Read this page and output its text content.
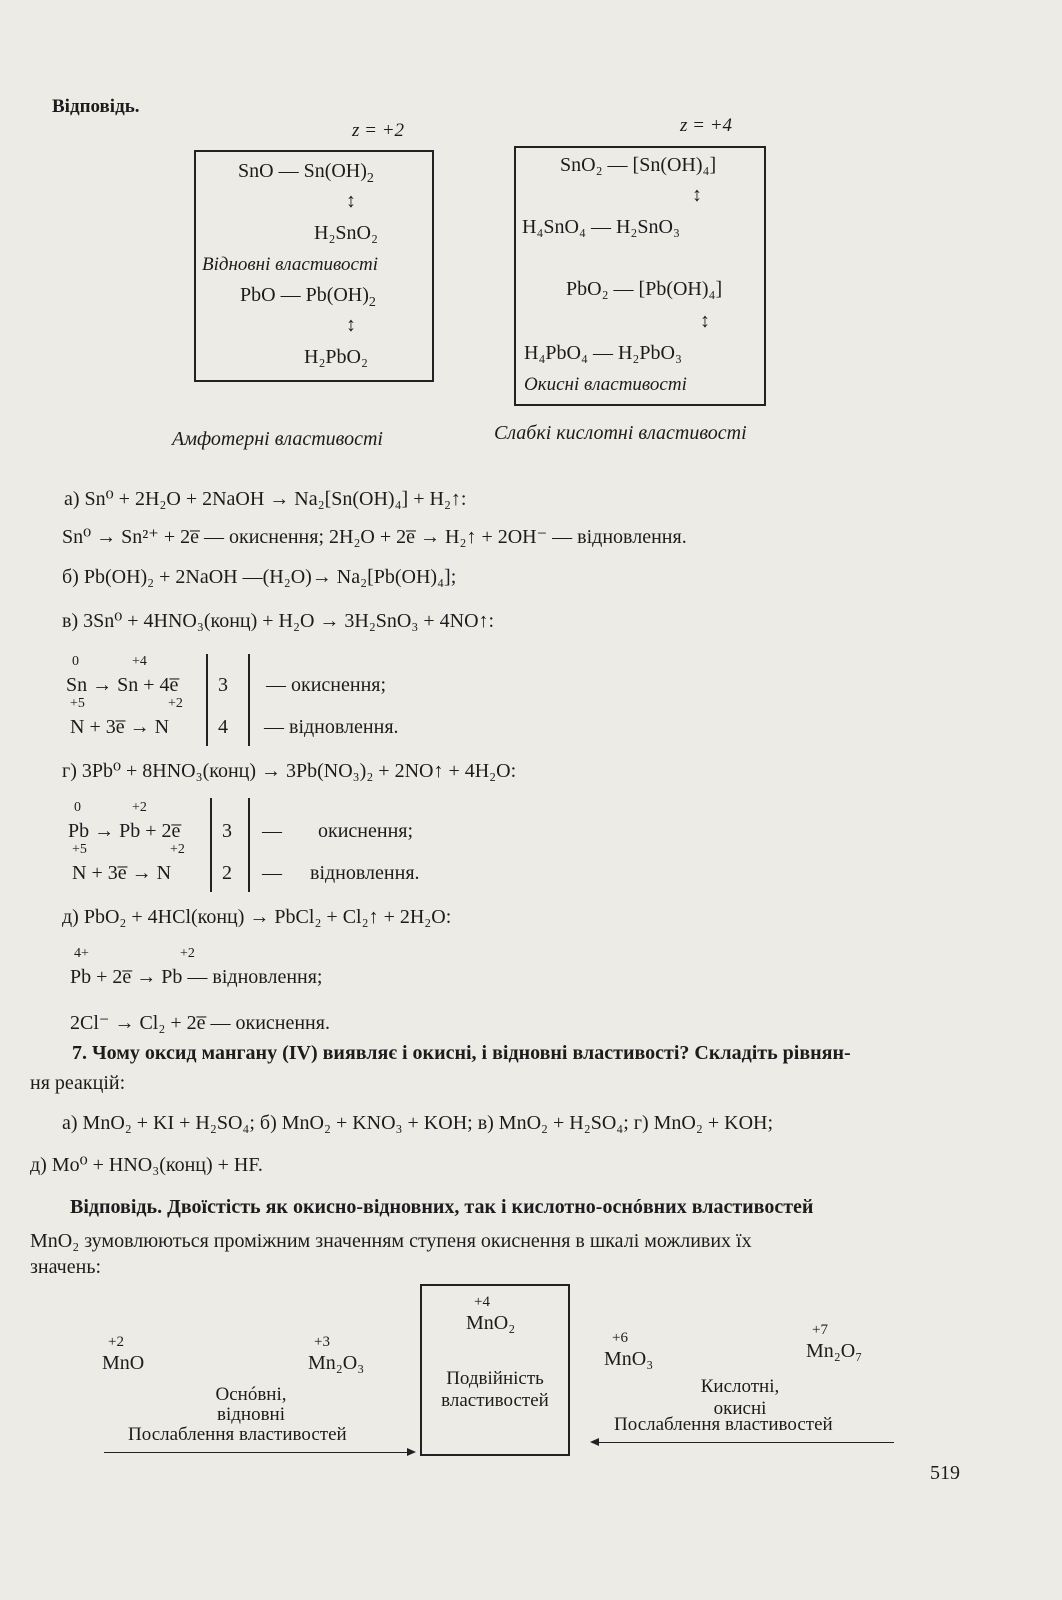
Відповідь.
z = +2
SnO — $Sn(OH)_2$
↕
H₂SnO₂
Відновні властивості
PbO — $Pb(OH)_2$
↕
H₂PbO₂
Амфотерні властивості
z = +4
SnO₂ — [Sn(OH)₄]
↕
H₄SnO₄ — H₂SnO₃
PbO₂ — [Pb(OH)₄]
↕
H₄PbO₄ — H₂PbO₃
Окисні властивості
Слабкі кислотні властивості
а) Sn⁰ + 2H₂O + 2NaOH → Na₂[Sn(OH)₄] + H₂↑:
Sn⁰ → Sn²⁺ + 2e̅ — окиснення; 2H₂O + 2e̅ → H₂↑ + 2OH⁻ — відновлення.
б) Pb(OH)₂ + 2NaOH —(H₂O)→ Na₂[Pb(OH)₄];
в) 3Sn⁰ + 4HNO₃(конц) + H₂O → 3H₂SnO₃ + 4NO↑:
0	+4
Sn → Sn + 4e̅ 3 — окиснення;
+5	+2
N + 3e̅ → N 4 — відновлення.
г) 3Pb⁰ + 8HNO₃(конц) → 3Pb(NO₃)₂ + 2NO↑ + 4H₂O:
0	+2
Pb → Pb + 2e̅ 3 — окиснення;
+5	+2
N + 3e̅ → N	2 — відновлення.
д) PbO₂ + 4HCl(конц) → PbCl₂ + Cl₂↑ + 2H₂O:
4+	+2
Pb + 2e̅ → Pb — відновлення;
2Cl⁻ → Cl₂ + 2e̅ — окиснення.
7. Чому оксид мангану (IV) виявляє і окисні, і відновні властивості? Складіть рівнян-
ня реакцій:
а) MnO₂ + KI + H₂SO₄; б) MnO₂ + KNO₃ + KOH; в) MnO₂ + H₂SO₄; г) MnO₂ + KOH;
д) Mo⁰ + HNO₃(конц) + HF.
Відповідь. Двоїстість як окисно-відновних, так і кислотно-оснóвних властивостей
MnO₂ зумовлюються проміжним значенням ступеня окиснення в шкалі можливих їх
значень:
+2
MnO
+3
Mn₂O₃
+4
MnO₂
Подвійність
властивостей
+6
MnO₃
+7
Mn₂O₇
Оснóвні,
відновні
Кислотні,
окисні
Послаблення властивостей	Послаблення властивостей
519
